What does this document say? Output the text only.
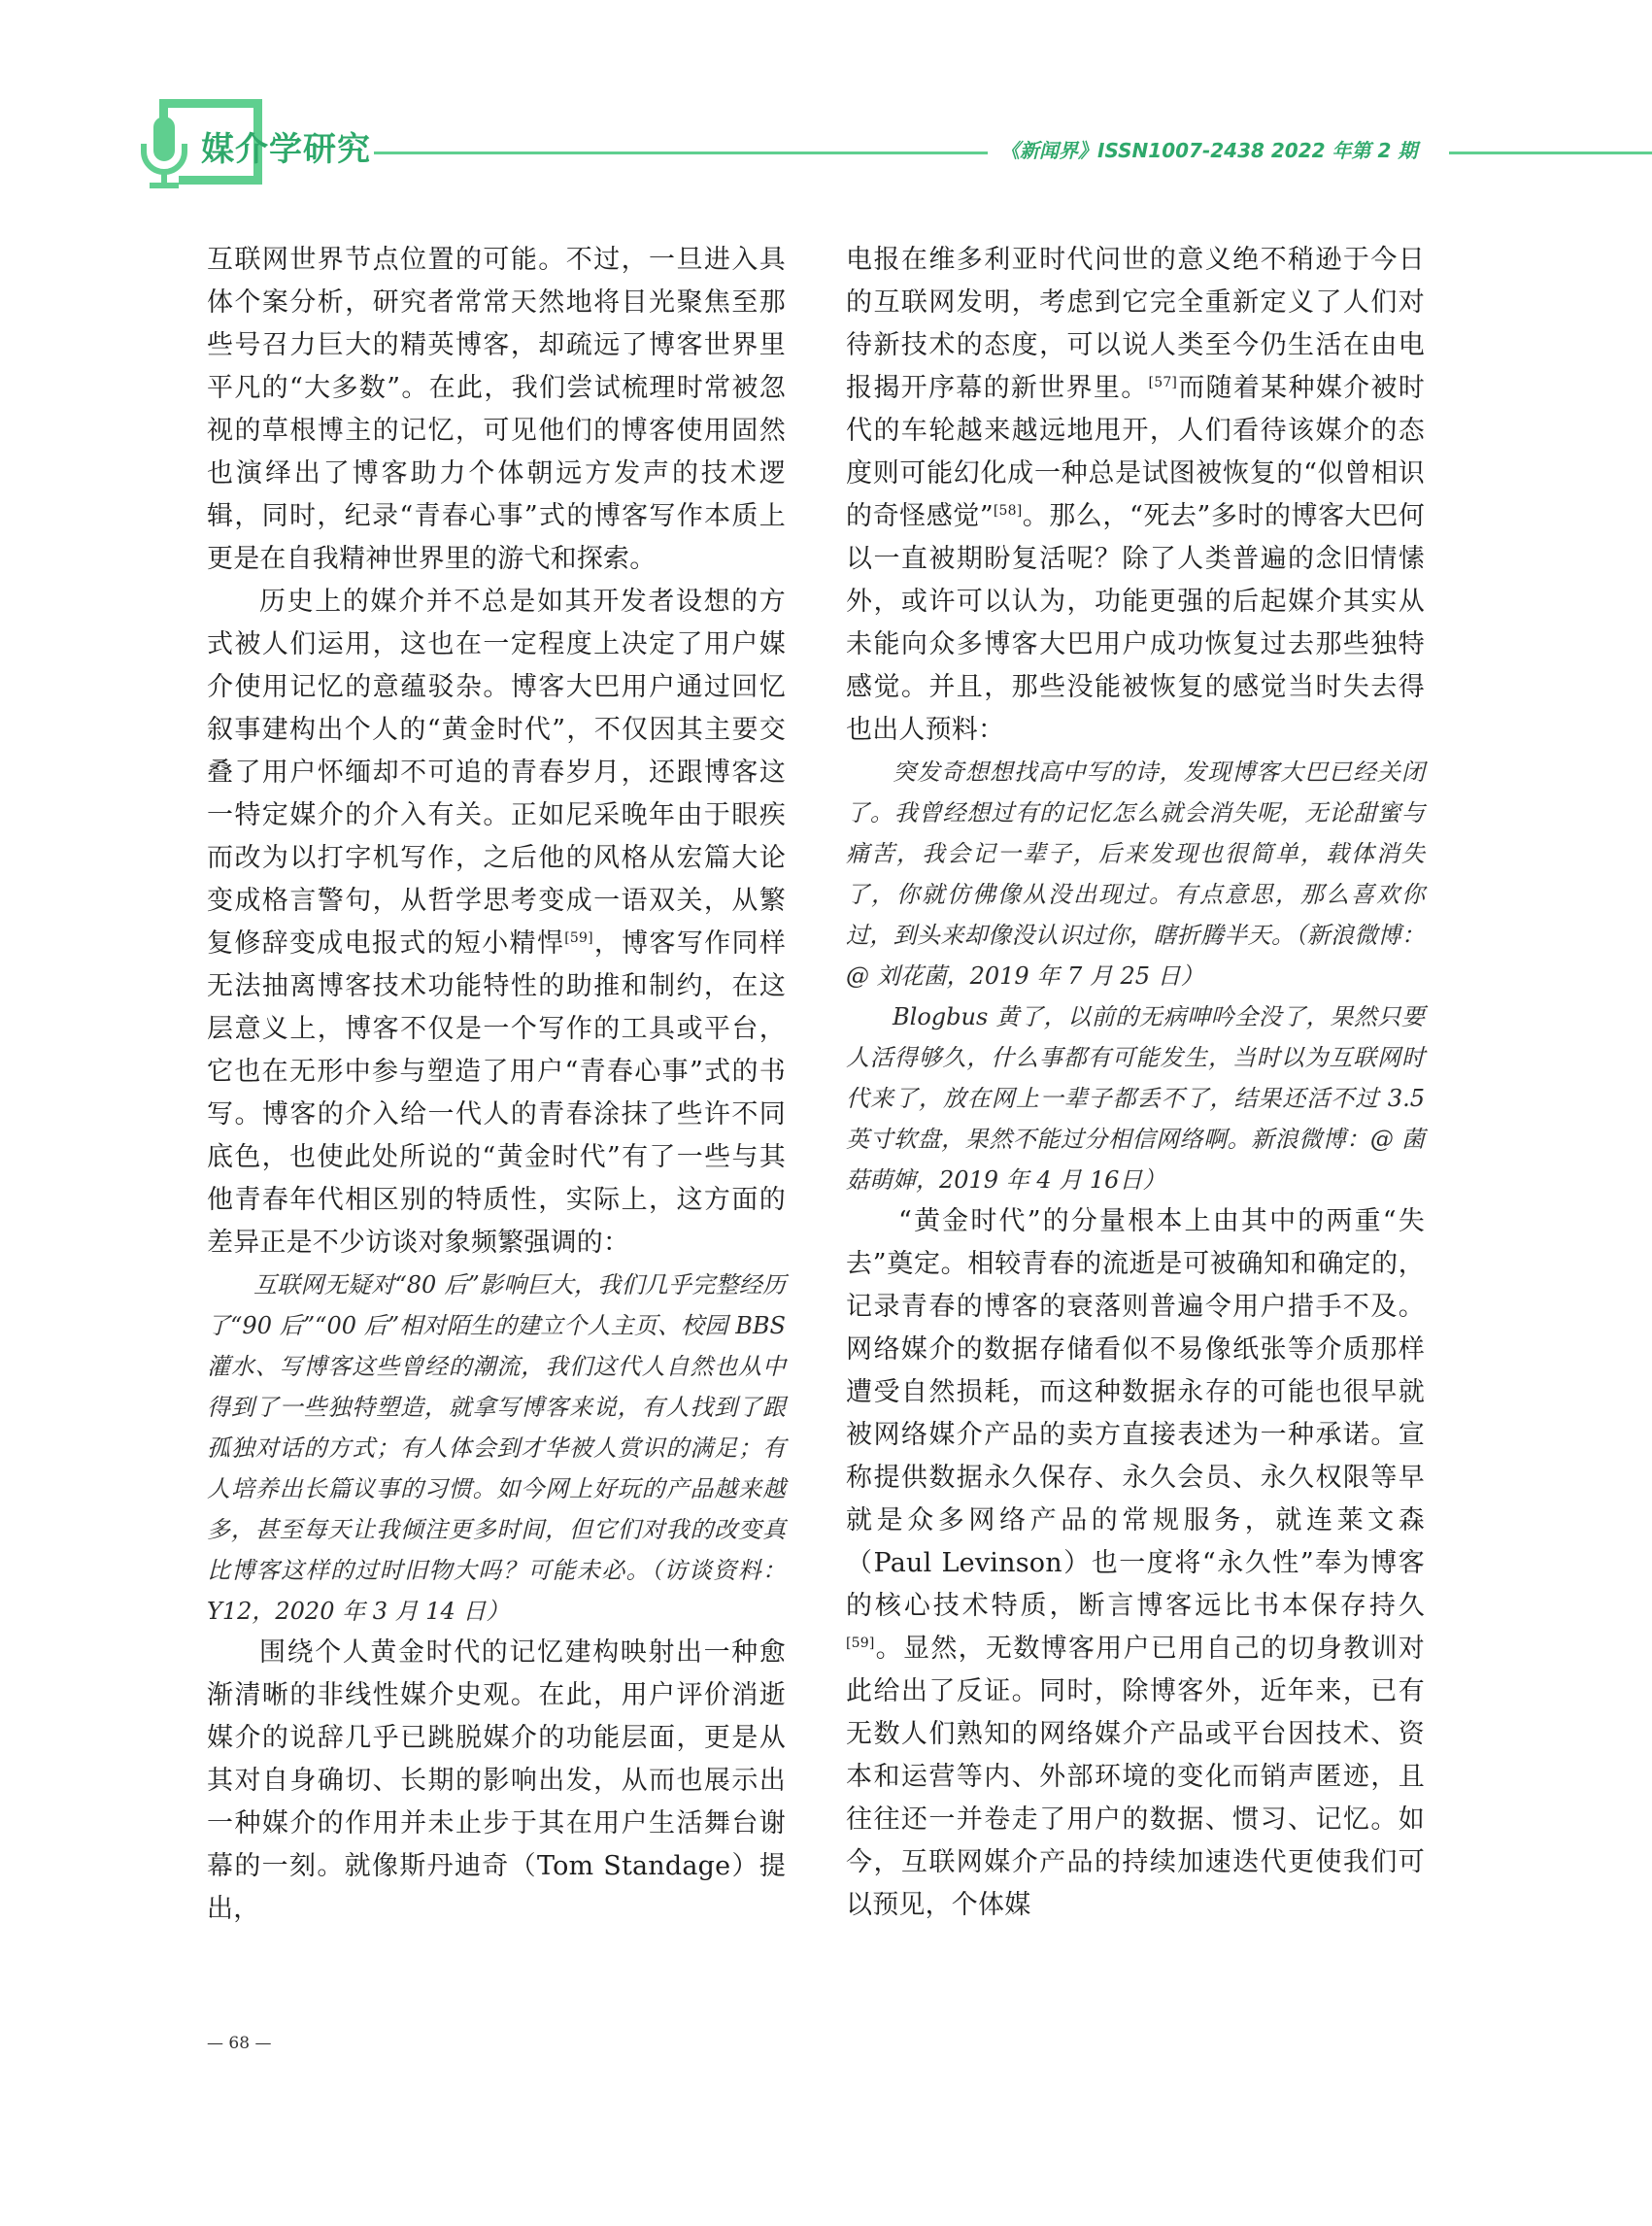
媒介学研究	《新闻界》ISSN1007-2438 2022 年第 2 期

互联网世界节点位置的可能。不过，一旦进入具体个案分析，研究者常常天然地将目光聚焦至那些号召力巨大的精英博客，却疏远了博客世界里平凡的“大多数”。在此，我们尝试梳理时常被忽视的草根博主的记忆，可见他们的博客使用固然也演绎出了博客助力个体朝远方发声的技术逻辑，同时，纪录“青春心事”式的博客写作本质上更是在自我精神世界里的游弋和探索。

历史上的媒介并不总是如其开发者设想的方式被人们运用，这也在一定程度上决定了用户媒介使用记忆的意蕴驳杂。博客大巴用户通过回忆叙事建构出个人的“黄金时代”，不仅因其主要交叠了用户怀缅却不可追的青春岁月，还跟博客这一特定媒介的介入有关。正如尼采晚年由于眼疾而改为以打字机写作，之后他的风格从宏篇大论变成格言警句，从哲学思考变成一语双关，从繁复修辞变成电报式的短小精悍[59]，博客写作同样无法抽离博客技术功能特性的助推和制约，在这层意义上，博客不仅是一个写作的工具或平台，它也在无形中参与塑造了用户“青春心事”式的书写。博客的介入给一代人的青春涂抹了些许不同底色，也使此处所说的“黄金时代”有了一些与其他青春年代相区别的特质性，实际上，这方面的差异正是不少访谈对象频繁强调的：

互联网无疑对“80 后”影响巨大，我们几乎完整经历了“90 后”“00 后”相对陌生的建立个人主页、校园 BBS 灌水、写博客这些曾经的潮流，我们这代人自然也从中得到了一些独特塑造，就拿写博客来说，有人找到了跟孤独对话的方式；有人体会到才华被人赏识的满足；有人培养出长篇议事的习惯。如今网上好玩的产品越来越多，甚至每天让我倾注更多时间，但它们对我的改变真比博客这样的过时旧物大吗？可能未必。（访谈资料：Y12，2020 年 3 月 14 日）

围绕个人黄金时代的记忆建构映射出一种愈渐清晰的非线性媒介史观。在此，用户评价消逝媒介的说辞几乎已跳脱媒介的功能层面，更是从其对自身确切、长期的影响出发，从而也展示出一种媒介的作用并未止步于其在用户生活舞台谢幕的一刻。就像斯丹迪奇（Tom Standage）提出，

电报在维多利亚时代问世的意义绝不稍逊于今日的互联网发明，考虑到它完全重新定义了人们对待新技术的态度，可以说人类至今仍生活在由电报揭开序幕的新世界里。[57]而随着某种媒介被时代的车轮越来越远地甩开，人们看待该媒介的态度则可能幻化成一种总是试图被恢复的“似曾相识的奇怪感觉”[58]。那么，“死去”多时的博客大巴何以一直被期盼复活呢？除了人类普遍的念旧情愫外，或许可以认为，功能更强的后起媒介其实从未能向众多博客大巴用户成功恢复过去那些独特感觉。并且，那些没能被恢复的感觉当时失去得也出人预料：

突发奇想想找高中写的诗，发现博客大巴已经关闭了。我曾经想过有的记忆怎么就会消失呢，无论甜蜜与痛苦，我会记一辈子，后来发现也很简单，载体消失了，你就仿佛像从没出现过。有点意思，那么喜欢你过，到头来却像没认识过你，瞎折腾半天。（新浪微博：@ 刘花菌，2019 年 7 月 25 日）

Blogbus 黄了，以前的无病呻吟全没了，果然只要人活得够久，什么事都有可能发生，当时以为互联网时代来了，放在网上一辈子都丢不了，结果还活不过 3.5 英寸软盘，果然不能过分相信网络啊。新浪微博：@ 菌菇萌婶，2019 年 4 月 16日）

“黄金时代”的分量根本上由其中的两重“失去”奠定。相较青春的流逝是可被确知和确定的，记录青春的博客的衰落则普遍令用户措手不及。网络媒介的数据存储看似不易像纸张等介质那样遭受自然损耗，而这种数据永存的可能也很早就被网络媒介产品的卖方直接表述为一种承诺。宣称提供数据永久保存、永久会员、永久权限等早就是众多网络产品的常规服务，就连莱文森（Paul Levinson）也一度将“永久性”奉为博客的核心技术特质，断言博客远比书本保存持久[59]。显然，无数博客用户已用自己的切身教训对此给出了反证。同时，除博客外，近年来，已有无数人们熟知的网络媒介产品或平台因技术、资本和运营等内、外部环境的变化而销声匿迹，且往往还一并卷走了用户的数据、惯习、记忆。如今，互联网媒介产品的持续加速迭代更使我们可以预见，个体媒

— 68 —
